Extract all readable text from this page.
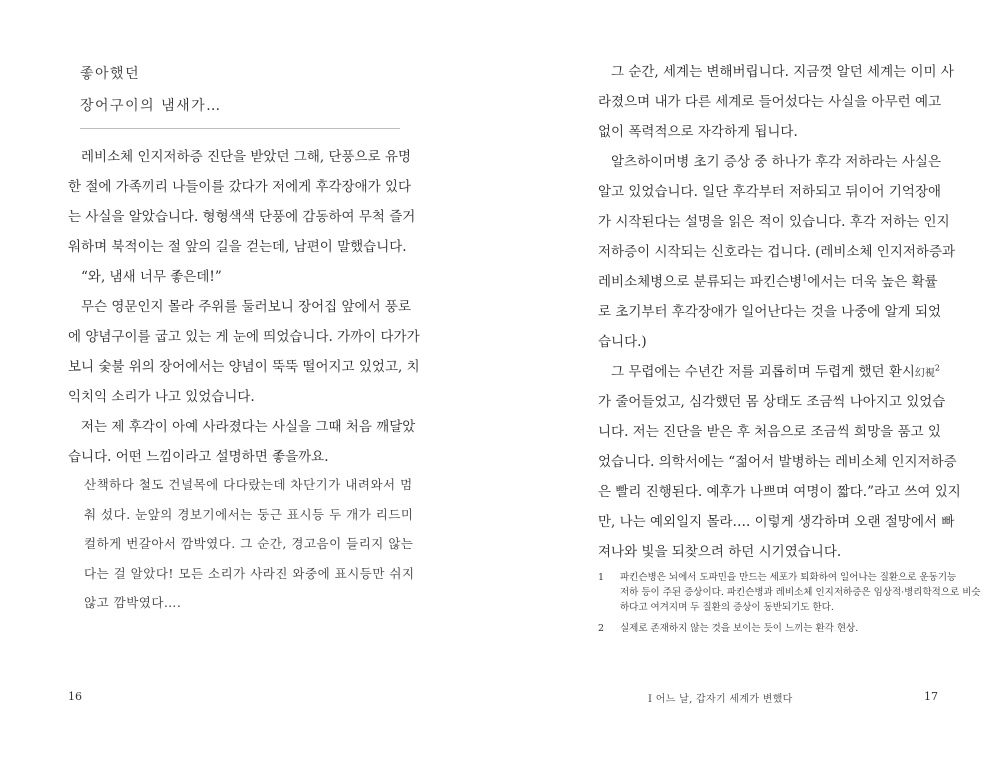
좋아했던
장어구이의 냄새가…
레비소체 인지저하증 진단을 받았던 그해, 단풍으로 유명
한 절에 가족끼리 나들이를 갔다가 저에게 후각장애가 있다
는 사실을 알았습니다. 형형색색 단풍에 감동하여 무척 즐거
워하며 북적이는 절 앞의 길을 걷는데, 남편이 말했습니다.
“와, 냄새 너무 좋은데!”
무슨 영문인지 몰라 주위를 둘러보니 장어집 앞에서 풍로
에 양념구이를 굽고 있는 게 눈에 띄었습니다. 가까이 다가가
보니 숯불 위의 장어에서는 양념이 뚝뚝 떨어지고 있었고, 치
익치익 소리가 나고 있었습니다.
저는 제 후각이 아예 사라졌다는 사실을 그때 처음 깨달았
습니다. 어떤 느낌이라고 설명하면 좋을까요.
산책하다 철도 건널목에 다다랐는데 차단기가 내려와서 멈
춰 섰다. 눈앞의 경보기에서는 둥근 표시등 두 개가 리드미
컬하게 번갈아서 깜박였다. 그 순간, 경고음이 들리지 않는
다는 걸 알았다! 모든 소리가 사라진 와중에 표시등만 쉬지
않고 깜박였다….
16	17
그 순간, 세계는 변해버립니다. 지금껏 알던 세계는 이미 사
라졌으며 내가 다른 세계로 들어섰다는 사실을 아무런 예고
없이 폭력적으로 자각하게 됩니다.
알츠하이머병 초기 증상 중 하나가 후각 저하라는 사실은
알고 있었습니다. 일단 후각부터 저하되고 뒤이어 기억장애
가 시작된다는 설명을 읽은 적이 있습니다. 후각 저하는 인지
저하증이 시작되는 신호라는 겁니다. (레비소체 인지저하증과
레비소체병으로 분류되는 파킨슨병$^1$에서는 더욱 높은 확률
로 초기부터 후각장애가 일어난다는 것을 나중에 알게 되었
습니다.)
그 무렵에는 수년간 저를 괴롭히며 두렵게 했던 환시幻視$^2$
가 줄어들었고, 심각했던 몸 상태도 조금씩 나아지고 있었습
니다. 저는 진단을 받은 후 처음으로 조금씩 희망을 품고 있
었습니다. 의학서에는 “젊어서 발병하는 레비소체 인지저하증
은 빨리 진행된다. 예후가 나쁘며 여명이 짧다.”라고 쓰여 있지
만, 나는 예외일지 몰라…. 이렇게 생각하며 오랜 절망에서 빠
져나와 빛을 되찾으려 하던 시기였습니다.
1 파킨슨병은 뇌에서 도파민을 만드는 세포가 퇴화하여 일어나는 질환으로 운동기능
저하 등이 주된 증상이다. 파킨슨병과 레비소체 인지저하증은 임상적·병리학적으로 비슷
하다고 여겨지며 두 질환의 증상이 동반되기도 한다.
2 실제로 존재하지 않는 것을 보이는 듯이 느끼는 환각 현상.
I 어느 날, 갑자기 세계가 변했다
